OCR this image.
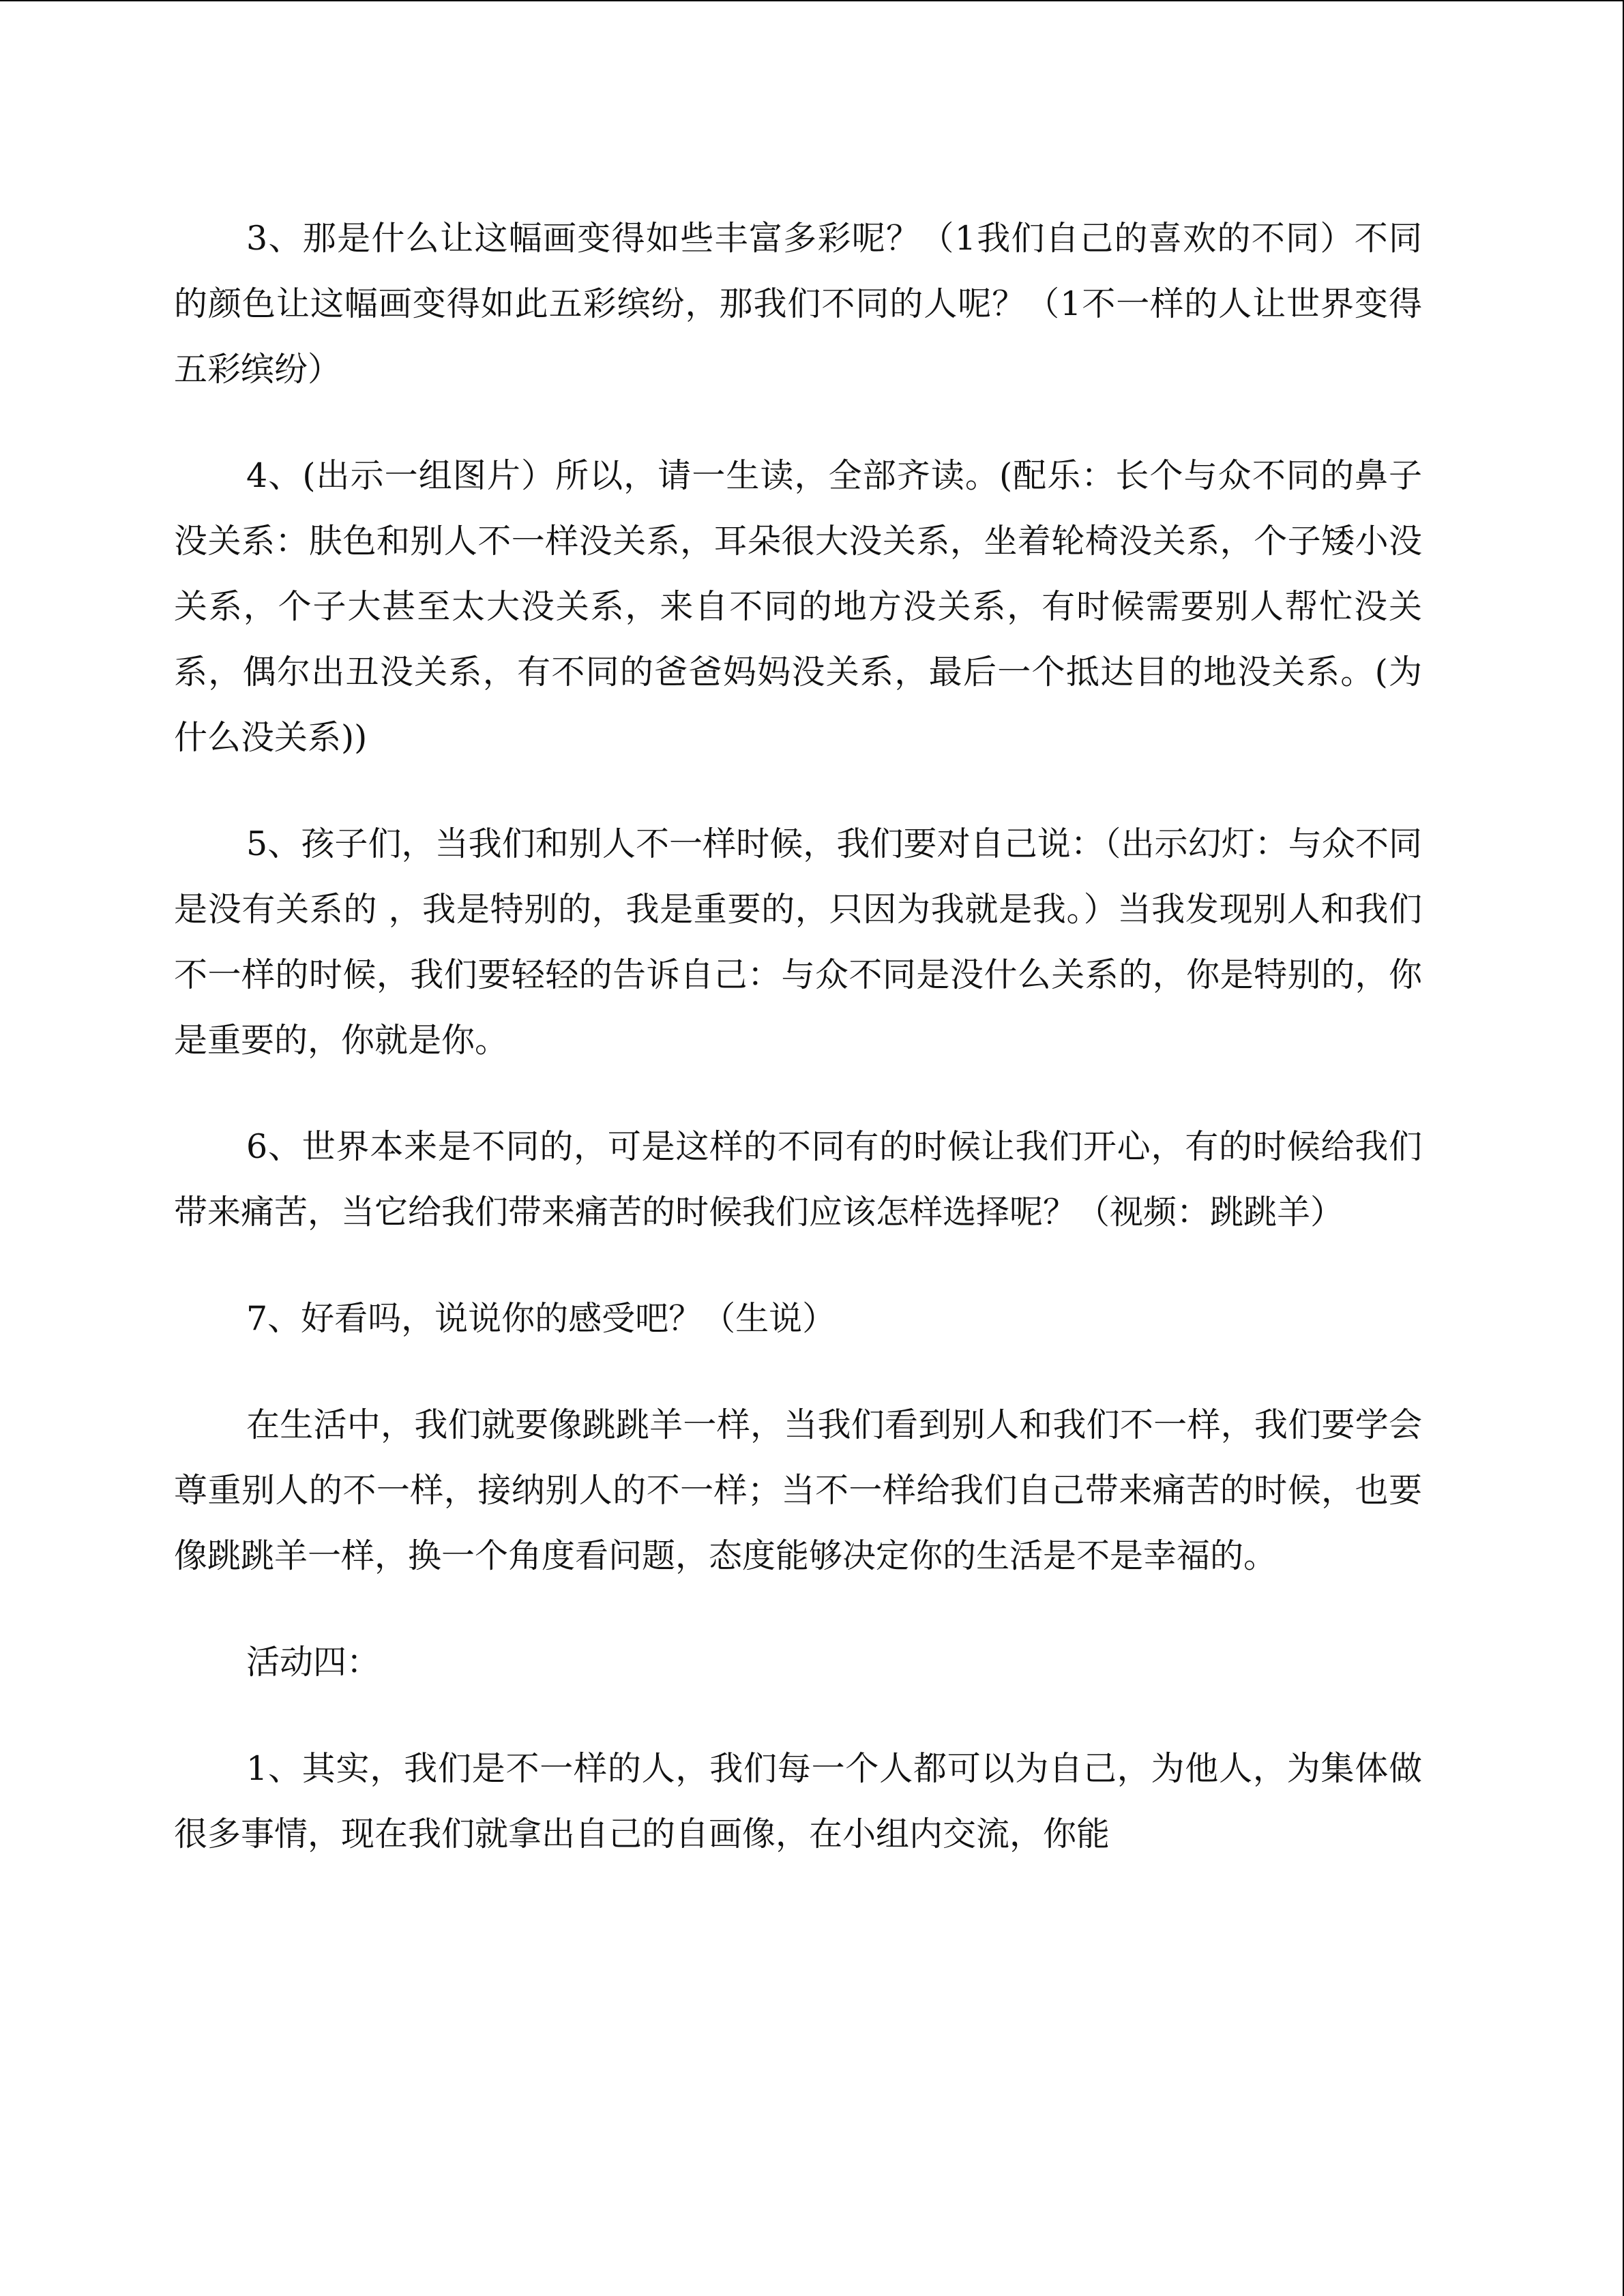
3、那是什么让这幅画变得如些丰富多彩呢？（1我们自己的喜欢的不同）不同的颜色让这幅画变得如此五彩缤纷，那我们不同的人呢？（1不一样的人让世界变得五彩缤纷）

4、(出示一组图片）所以，请一生读，全部齐读。(配乐：长个与众不同的鼻子 没关系：肤色和别人不一样没关系，耳朵很大没关系，坐着轮椅没关系，个子矮小没关系，个子大甚至太大没关系，来自不同的地方没关系，有时候需要别人帮忙没关系，偶尔出丑没关系，有不同的爸爸妈妈没关系，最后一个抵达目的地没关系。(为什么没关系))

5、孩子们，当我们和别人不一样时候，我们要对自己说：（出示幻灯：与众不同是没有关系的 ，我是特别的，我是重要的，只因为我就是我。）当我发现别人和我们不一样的时候，我们要轻轻的告诉自己：与众不同是没什么关系的，你是特别的，你是重要的，你就是你。

6、世界本来是不同的，可是这样的不同有的时候让我们开心，有的时候给我们带来痛苦，当它给我们带来痛苦的时候我们应该怎样选择呢？（视频：跳跳羊）

7、好看吗，说说你的感受吧？（生说）

在生活中，我们就要像跳跳羊一样，当我们看到别人和我们不一样，我们要学会尊重别人的不一样，接纳别人的不一样；当不一样给我们自己带来痛苦的时候，也要像跳跳羊一样，换一个角度看问题，态度能够决定你的生活是不是幸福的。

活动四：

1、其实，我们是不一样的人，我们每一个人都可以为自己，为他人，为集体做很多事情，现在我们就拿出自己的自画像，在小组内交流，你能
